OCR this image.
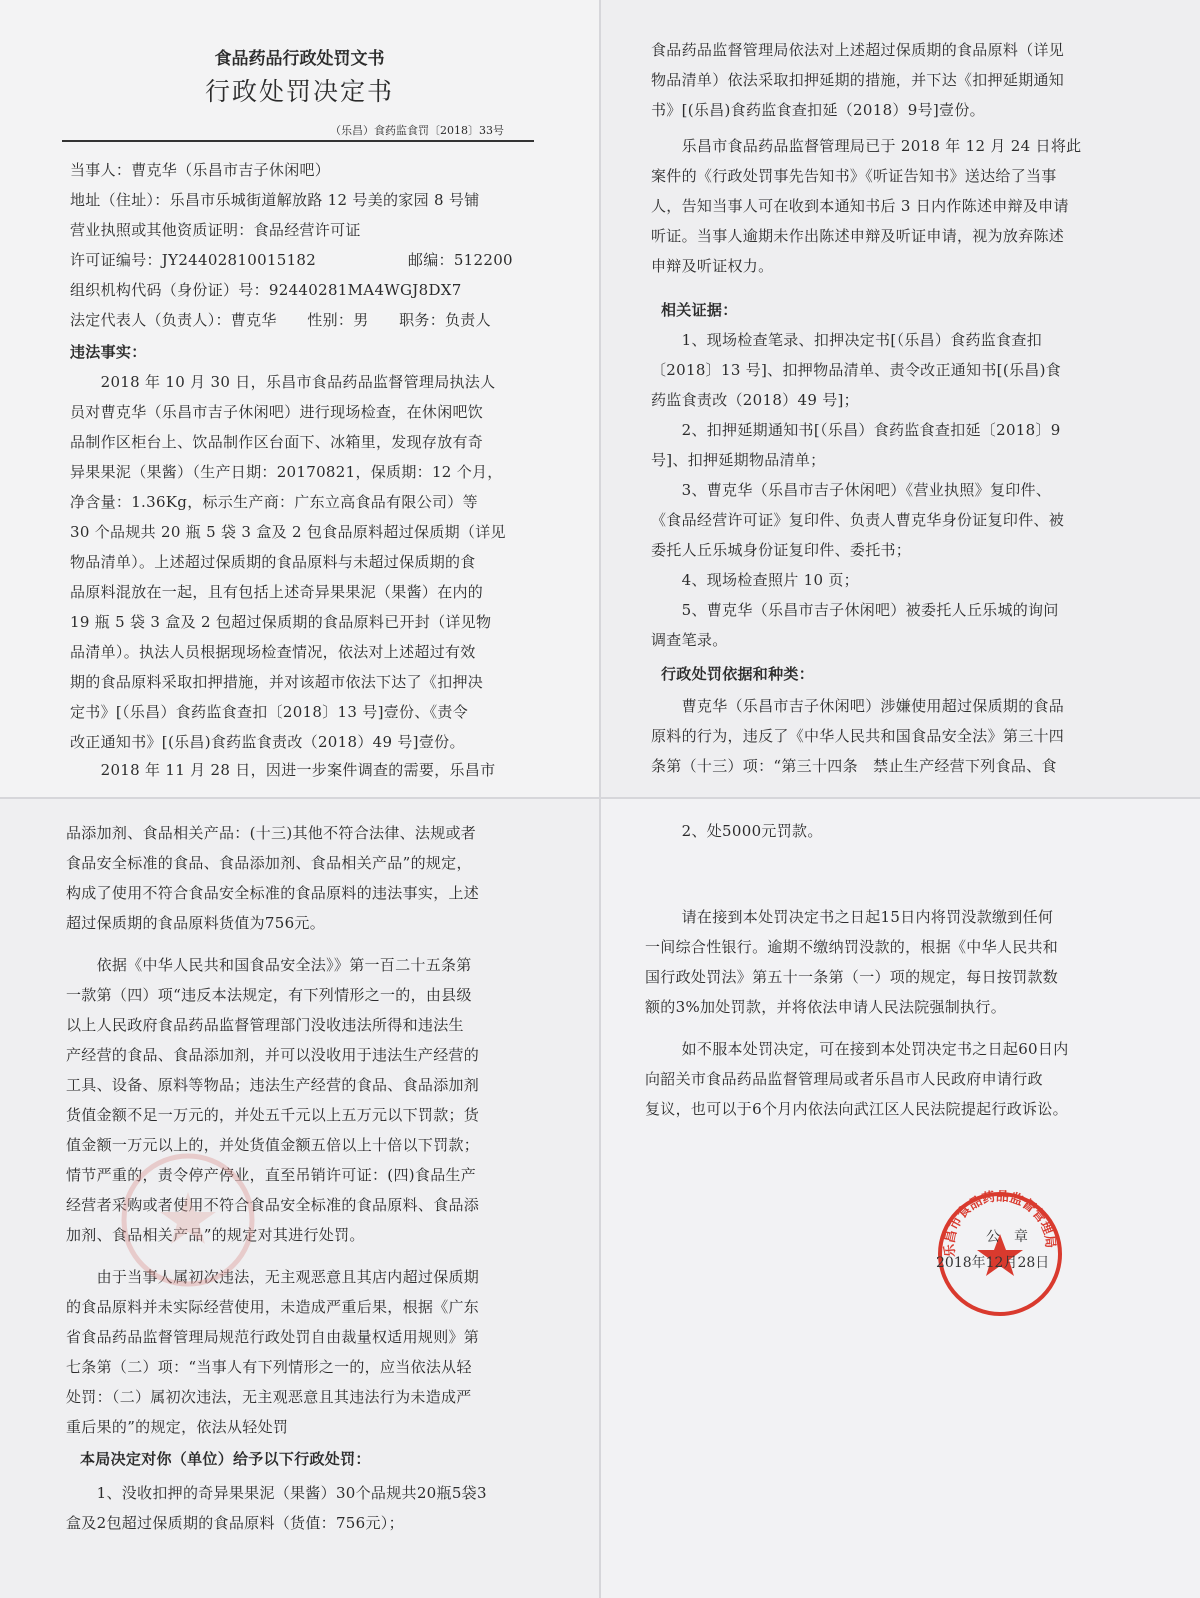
食品药品行政处罚文书
行政处罚决定书
（乐昌）食药监食罚〔2018〕33号
当事人：曹克华（乐昌市吉子休闲吧）
地址（住址）：乐昌市乐城街道解放路 12 号美的家园 8 号铺
营业执照或其他资质证明：食品经营许可证
许可证编号：JY24402810015182　　　　　　邮编：512200
组织机构代码（身份证）号：92440281MA4WGJ8DX7
法定代表人（负责人）：曹克华　　性别：男　　职务：负责人
违法事实：
　　2018 年 10 月 30 日，乐昌市食品药品监督管理局执法人
员对曹克华（乐昌市吉子休闲吧）进行现场检查，在休闲吧饮
品制作区柜台上、饮品制作区台面下、冰箱里，发现存放有奇
异果果泥（果酱）（生产日期：20170821，保质期：12 个月，
净含量：1.36Kg，标示生产商：广东立高食品有限公司）等
30 个品规共 20 瓶 5 袋 3 盒及 2 包食品原料超过保质期（详见
物品清单）。上述超过保质期的食品原料与未超过保质期的食
品原料混放在一起，且有包括上述奇异果果泥（果酱）在内的
19 瓶 5 袋 3 盒及 2 包超过保质期的食品原料已开封（详见物
品清单）。执法人员根据现场检查情况，依法对上述超过有效
期的食品原料采取扣押措施，并对该超市依法下达了《扣押决
定书》[（乐昌）食药监食查扣〔2018〕13 号]壹份、《责令
改正通知书》[(乐昌)食药监食责改（2018）49 号]壹份。
　　2018 年 11 月 28 日，因进一步案件调查的需要，乐昌市
食品药品监督管理局依法对上述超过保质期的食品原料（详见
物品清单）依法采取扣押延期的措施，并下达《扣押延期通知
书》[(乐昌)食药监食查扣延（2018）9号]壹份。
　　乐昌市食品药品监督管理局已于 2018 年 12 月 24 日将此
案件的《行政处罚事先告知书》《听证告知书》送达给了当事
人，告知当事人可在收到本通知书后 3 日内作陈述申辩及申请
听证。当事人逾期未作出陈述申辩及听证申请，视为放弃陈述
申辩及听证权力。
相关证据：
　　1、现场检查笔录、扣押决定书[（乐昌）食药监食查扣
〔2018〕13 号]、扣押物品清单、责令改正通知书[(乐昌)食
药监食责改（2018）49 号]；
　　2、扣押延期通知书[（乐昌）食药监食查扣延〔2018〕9
号]、扣押延期物品清单；
　　3、曹克华（乐昌市吉子休闲吧）《营业执照》复印件、
《食品经营许可证》复印件、负责人曹克华身份证复印件、被
委托人丘乐城身份证复印件、委托书；
　　4、现场检查照片 10 页；
　　5、曹克华（乐昌市吉子休闲吧）被委托人丘乐城的询问
调查笔录。
行政处罚依据和种类：
　　曹克华（乐昌市吉子休闲吧）涉嫌使用超过保质期的食品
原料的行为，违反了《中华人民共和国食品安全法》第三十四
条第（十三）项：“第三十四条　禁止生产经营下列食品、食
品添加剂、食品相关产品：(十三)其他不符合法律、法规或者
食品安全标准的食品、食品添加剂、食品相关产品”的规定，
构成了使用不符合食品安全标准的食品原料的违法事实，上述
超过保质期的食品原料货值为756元。
　　依据《中华人民共和国食品安全法》》第一百二十五条第
一款第（四）项“违反本法规定，有下列情形之一的，由县级
以上人民政府食品药品监督管理部门没收违法所得和违法生
产经营的食品、食品添加剂，并可以没收用于违法生产经营的
工具、设备、原料等物品；违法生产经营的食品、食品添加剂
货值金额不足一万元的，并处五千元以上五万元以下罚款；货
值金额一万元以上的，并处货值金额五倍以上十倍以下罚款；
情节严重的，责令停产停业，直至吊销许可证：(四)食品生产
经营者采购或者使用不符合食品安全标准的食品原料、食品添
加剂、食品相关产品”的规定对其进行处罚。
　　由于当事人属初次违法，无主观恶意且其店内超过保质期
的食品原料并未实际经营使用，未造成严重后果，根据《广东
省食品药品监督管理局规范行政处罚自由裁量权适用规则》第
七条第（二）项：“当事人有下列情形之一的，应当依法从轻
处罚：（二）属初次违法，无主观恶意且其违法行为未造成严
重后果的”的规定，依法从轻处罚
本局决定对你（单位）给予以下行政处罚：
　　1、没收扣押的奇异果果泥（果酱）30个品规共20瓶5袋3
盒及2包超过保质期的食品原料（货值：756元）；
　　2、处5000元罚款。
　　请在接到本处罚决定书之日起15日内将罚没款缴到任何
一间综合性银行。逾期不缴纳罚没款的，根据《中华人民共和
国行政处罚法》第五十一条第（一）项的规定，每日按罚款数
额的3%加处罚款，并将依法申请人民法院强制执行。
　　如不服本处罚决定，可在接到本处罚决定书之日起60日内
向韶关市食品药品监督管理局或者乐昌市人民政府申请行政
复议，也可以于6个月内依法向武江区人民法院提起行政诉讼。
乐昌市食品药品监督管理局
公　章
2018年12月28日
